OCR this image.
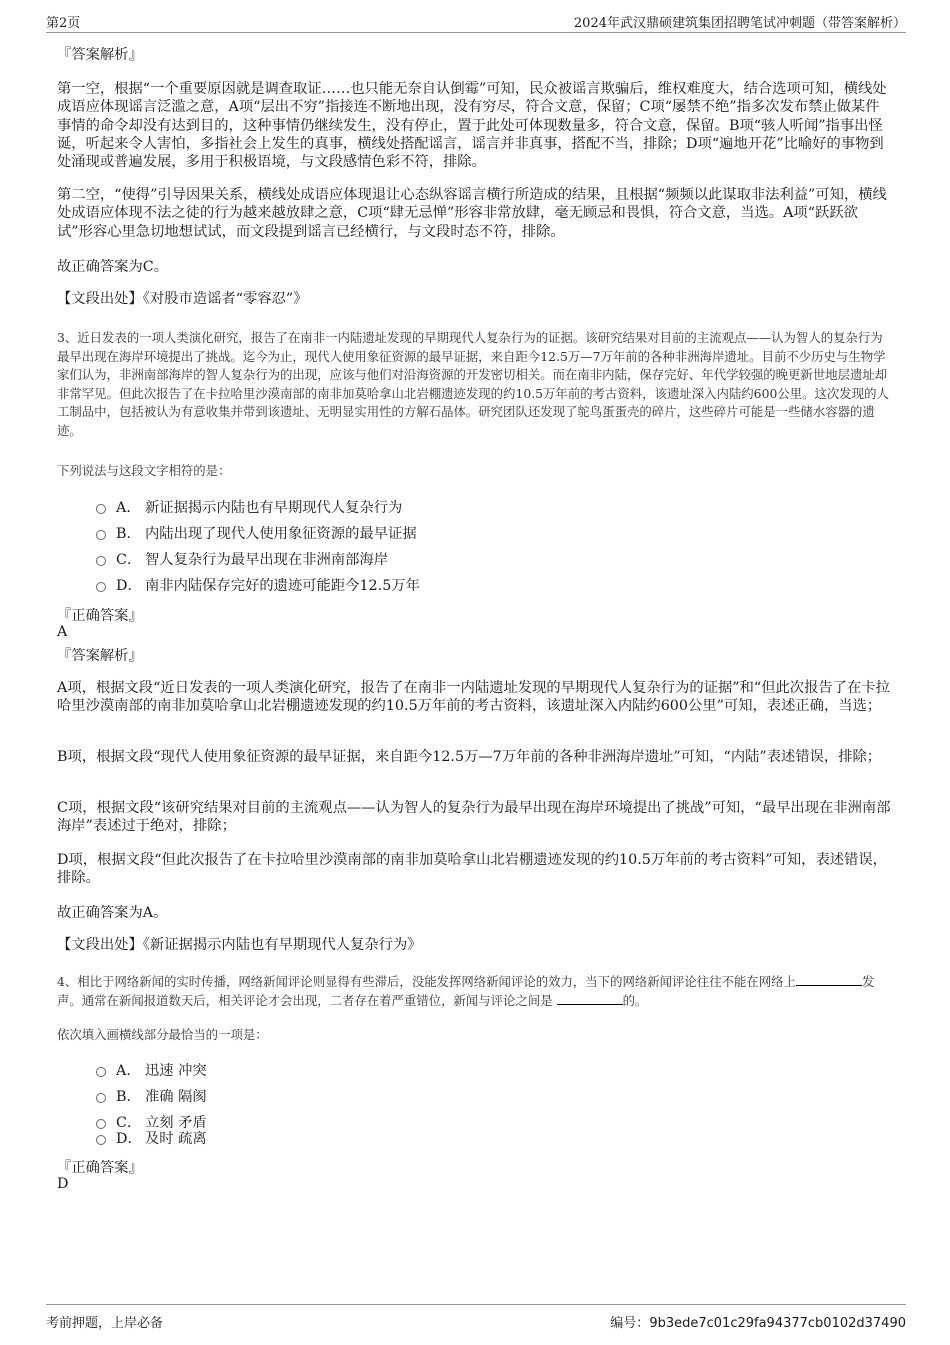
第2页	2024年武汉鼎硕建筑集团招聘笔试冲刺题（带答案解析）
『答案解析』
第一空，根据“一个重要原因就是调查取证……也只能无奈自认倒霉”可知，民众被谣言欺骗后，维权难度大，结合选项可知，横线处成语应体现谣言泛滥之意，A项“层出不穷”指接连不断地出现，没有穷尽，符合文意，保留；C项“屡禁不绝”指多次发布禁止做某件事情的命令却没有达到目的，这种事情仍继续发生，没有停止，置于此处可体现数量多，符合文意，保留。B项“骇人听闻”指事出怪诞，听起来令人害怕，多指社会上发生的真事，横线处搭配谣言，谣言并非真事，搭配不当，排除；D项“遍地开花”比喻好的事物到处涌现或普遍发展，多用于积极语境，与文段感情色彩不符，排除。
第二空，“使得”引导因果关系，横线处成语应体现退让心态纵容谣言横行所造成的结果，且根据“频频以此谋取非法利益”可知，横线处成语应体现不法之徒的行为越来越放肆之意，C项“肆无忌惮”形容非常放肆，毫无顾忌和畏惧，符合文意，当选。A项“跃跃欲试”形容心里急切地想试试，而文段提到谣言已经横行，与文段时态不符，排除。
故正确答案为C。
【文段出处】《对股市造谣者“零容忍”》
3、近日发表的一项人类演化研究，报告了在南非一内陆遗址发现的早期现代人复杂行为的证据。该研究结果对目前的主流观点——认为智人的复杂行为最早出现在海岸环境提出了挑战。迄今为止，现代人使用象征资源的最早证据，来自距今12.5万—7万年前的各种非洲海岸遗址。目前不少历史与生物学家们认为，非洲南部海岸的智人复杂行为的出现，应该与他们对沿海资源的开发密切相关。而在南非内陆，保存完好、年代学较强的晚更新世地层遗址却非常罕见。但此次报告了在卡拉哈里沙漠南部的南非加莫哈拿山北岩棚遗迹发现的约10.5万年前的考古资料，该遗址深入内陆约600公里。这次发现的人工制品中，包括被认为有意收集并带到该遗址、无明显实用性的方解石晶体。研究团队还发现了鸵鸟蛋蛋壳的碎片，这些碎片可能是一些储水容器的遗迹。
下列说法与这段文字相符的是：
A． 新证据揭示内陆也有早期现代人复杂行为
B． 内陆出现了现代人使用象征资源的最早证据
C． 智人复杂行为最早出现在非洲南部海岸
D． 南非内陆保存完好的遗迹可能距今12.5万年
『正确答案』
A
『答案解析』
A项，根据文段“近日发表的一项人类演化研究，报告了在南非一内陆遗址发现的早期现代人复杂行为的证据”和“但此次报告了在卡拉哈里沙漠南部的南非加莫哈拿山北岩棚遗迹发现的约10.5万年前的考古资料，该遗址深入内陆约600公里”可知，表述正确，当选；
B项，根据文段“现代人使用象征资源的最早证据，来自距今12.5万—7万年前的各种非洲海岸遗址”可知，“内陆”表述错误，排除；
C项，根据文段“该研究结果对目前的主流观点——认为智人的复杂行为最早出现在海岸环境提出了挑战”可知，“最早出现在非洲南部海岸”表述过于绝对，排除；
D项，根据文段“但此次报告了在卡拉哈里沙漠南部的南非加莫哈拿山北岩棚遗迹发现的约10.5万年前的考古资料”可知，表述错误，排除。
故正确答案为A。
【文段出处】《新证据揭示内陆也有早期现代人复杂行为》
4、相比于网络新闻的实时传播，网络新闻评论则显得有些滞后，没能发挥网络新闻评论的效力，当下的网络新闻评论往往不能在网络上	发声。通常在新闻报道数天后，相关评论才会出现，二者存在着严重错位，新闻与评论之间是	的。
依次填入画横线部分最恰当的一项是：
A． 迅速 冲突
B． 准确 隔阂
C． 立刻 矛盾
D． 及时 疏离
『正确答案』
D
考前押题，上岸必备	编号：9b3ede7c01c29fa94377cb0102d37490
